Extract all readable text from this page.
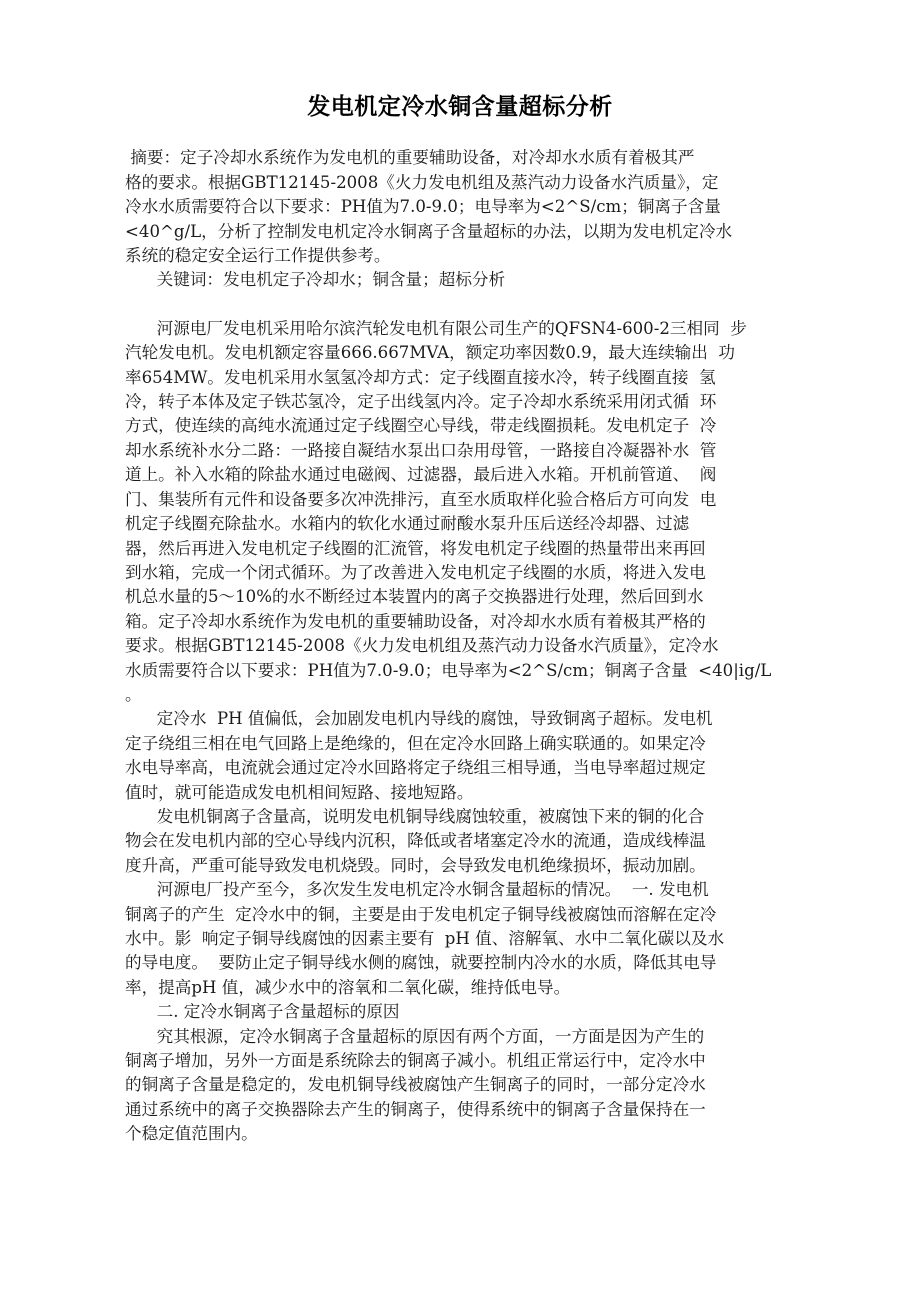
发电机定冷水铜含量超标分析
摘要：定子冷却水系统作为发电机的重要辅助设备，对冷却水水质有着极其严
格的要求。根据GBT12145-2008《火力发电机组及蒸汽动力设备水汽质量》，定
冷水水质需要符合以下要求：PH值为7.0-9.0；电导率为<2^S/cm；铜离子含量
<40^g/L，分析了控制发电机定冷水铜离子含量超标的办法，以期为发电机定冷水
系统的稳定安全运行工作提供参考。
关键词：发电机定子冷却水；铜含量；超标分析
河源电厂发电机采用哈尔滨汽轮发电机有限公司生产的QFSN4-600-2三相同  步
汽轮发电机。发电机额定容量666.667MVA，额定功率因数0.9，最大连续输出  功
率654MW。发电机采用水氢氢冷却方式：定子线圈直接水冷，转子线圈直接  氢
冷，转子本体及定子铁芯氢冷，定子出线氢内冷。定子冷却水系统采用闭式循  环
方式，使连续的高纯水流通过定子线圈空心导线，带走线圈损耗。发电机定子  冷
却水系统补水分二路：一路接自凝结水泵出口杂用母管，一路接自冷凝器补水  管
道上。补入水箱的除盐水通过电磁阀、过滤器，最后进入水箱。开机前管道、  阀
门、集装所有元件和设备要多次冲洗排污，直至水质取样化验合格后方可向发  电
机定子线圈充除盐水。水箱内的软化水通过耐酸水泵升压后送经冷却器、过滤
器，然后再进入发电机定子线圈的汇流管，将发电机定子线圈的热量带出来再回
到水箱，完成一个闭式循环。为了改善进入发电机定子线圈的水质，将进入发电
机总水量的5～10%的水不断经过本装置内的离子交换器进行处理，然后回到水
箱。定子冷却水系统作为发电机的重要辅助设备，对冷却水水质有着极其严格的
要求。根据GBT12145-2008《火力发电机组及蒸汽动力设备水汽质量》，定冷水
水质需要符合以下要求：PH值为7.0-9.0；电导率为<2^S/cm；铜离子含量  <40|ig/L
。
定冷水  PH 值偏低，会加剧发电机内导线的腐蚀，导致铜离子超标。发电机
定子绕组三相在电气回路上是绝缘的，但在定冷水回路上确实联通的。如果定冷
水电导率高，电流就会通过定冷水回路将定子绕组三相导通，当电导率超过规定
值时，就可能造成发电机相间短路、接地短路。
发电机铜离子含量高，说明发电机铜导线腐蚀较重，被腐蚀下来的铜的化合
物会在发电机内部的空心导线内沉积，降低或者堵塞定冷水的流通，造成线棒温
度升高，严重可能导致发电机烧毁。同时，会导致发电机绝缘损坏，振动加剧。
河源电厂投产至今，多次发生发电机定冷水铜含量超标的情况。  一. 发电机
铜离子的产生  定冷水中的铜，主要是由于发电机定子铜导线被腐蚀而溶解在定冷
水中。影  响定子铜导线腐蚀的因素主要有  pH 值、溶解氧、水中二氧化碳以及水
的导电度。  要防止定子铜导线水侧的腐蚀，就要控制内冷水的水质，降低其电导
率，提高pH 值，减少水中的溶氧和二氧化碳，维持低电导。
二. 定冷水铜离子含量超标的原因
究其根源，定冷水铜离子含量超标的原因有两个方面，一方面是因为产生的
铜离子增加，另外一方面是系统除去的铜离子减小。机组正常运行中，定冷水中
的铜离子含量是稳定的，发电机铜导线被腐蚀产生铜离子的同时，一部分定冷水
通过系统中的离子交换器除去产生的铜离子，使得系统中的铜离子含量保持在一
个稳定值范围内。
